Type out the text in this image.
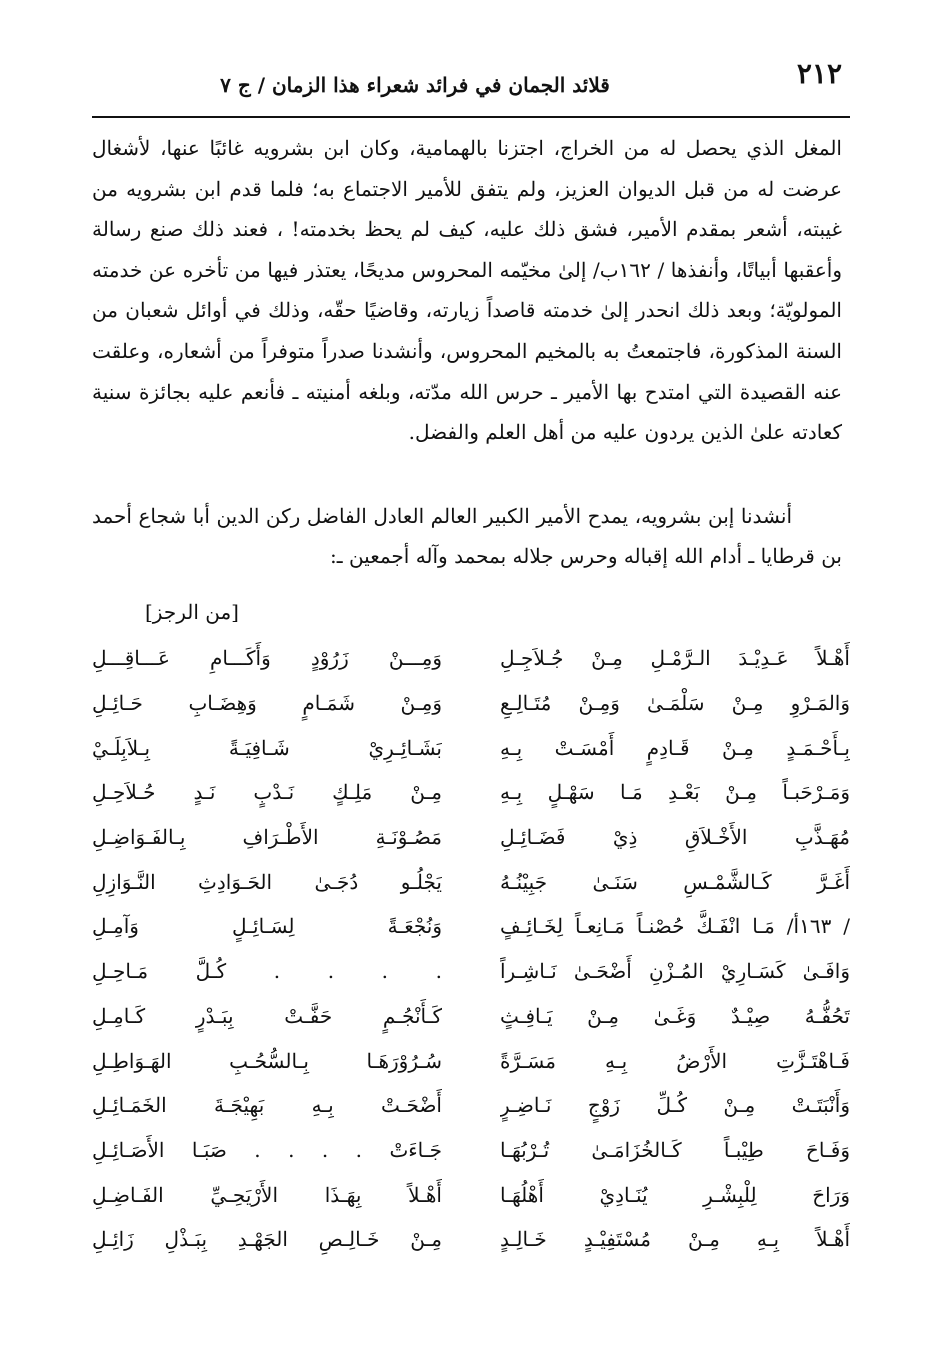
٢١٢
قلائد الجمان في فرائد شعراء هذا الزمان / ج ٧

المغل الذي يحصل له من الخراج، اجتزنا بالهمامية، وكان ابن بشرويه غائبًا عنها، لأشغال عرضت له من قبل الديوان العزيز، ولم يتفق للأمير الاجتماع به؛ فلما قدم ابن بشرويه من غيبته، أشعر بمقدم الأمير، فشق ذلك عليه، كيف لم يحظ بخدمته! ، فعند ذلك صنع رسالة وأعقبها أبياتًا، وأنفذها / ١٦٢ب/ إلىٰ مخيّمه المحروس مديحًا، يعتذر فيها من تأخره عن خدمته المولويّة؛ وبعد ذلك انحدر إلىٰ خدمته قاصداً زيارته، وقاضيًا حقّه، وذلك في أوائل شعبان من السنة المذكورة، فاجتمعتُ به بالمخيم المحروس، وأنشدنا صدراً متوفراً من أشعاره، وعلقت عنه القصيدة التي امتدح بها الأمير ـ حرس الله مدّته، وبلغه أمنيته ـ فأنعم عليه بجائزة سنية كعادته علىٰ الذين يردون عليه من أهل العلم والفضل.

أنشدنا إبن بشرويه، يمدح الأمير الكبير العالم العادل الفاضل ركن الدين أبا شجاع أحمد بن قرطايا ـ أدام الله إقباله وحرس جلاله بمحمد وآله أجمعين ـ:

[من الرجز]
أَهْـلاً عَـدِيْـدَ الـرَّمْـلِ مِـنْ جُـلاَجِـلِ
وَمِـــنْ زَرُوْدٍ وَأَكَـــامِ عَـــاقِـــلِ
وَالمَـرْوِ مِـنْ سَلْمَـىٰ وَمِـنْ مُتَـالِـعِ
وَمِـنْ شَمَـامٍ وَهِضَـابِ حَـائِـلِ
بِـأَحْـمَـدٍ مِـنْ قَـادِمٍ أَمْسَـتْ بِـهِ
بَشَـائِـرِيْ شَـافِيَـةً بِـلاَبِلَـيْ
وَمَـرْحَبـاً مِـنْ بَعْـدِ مَـا سَهْـلٍ بِـهِ
مِـنْ مَلِـكٍ نَـدْبٍ نَـدٍ حُـلاَحِـلِ
مُهَـذَّبِ الأَخْـلاَقِ ذِيْ فَضَـائِـلِ
مَصُـوْنَـةِ الأَطْـرَافِ بِـالفَـوَاضِـلِ
أَغَـرَّ كَـالشَّمْـسِ سَنَـىٰ جَبِيْنُـهُ
يَجْلُـو دُجَـىٰ الحَـوَادِثِ النَّـوَازِلِ
/ ١٦٣أ/ مَـا انْفَـكَّ حُصْنـاً مَـانِعـاً لِخَـائِـفٍ
وَنُجْعَـةً لِسَـائِـلٍ وَآمِـلِ
وَافَـىٰ كَسَـارِيْ المُـزْنِ أَضْحَـىٰ نَـاشِـراً
. . . . كُـلَّ مَـاحِـلِ
تَحُفُّـهُ صِيْـدٌ وَغَـىٰ مِـنْ يَـافِـثٍ
كَـأَنْجُـمٍ حَفَّـتْ بِبَـدْرٍ كَـامِـلِ
فَـاهْتَـزَّتِ الأَرْضُ بِـهِ مَسَـرَّةً
سُـرُوْرَهَـا بِـالسُّحُـبِ الهَـوَاطِـلِ
وَأَنْبَتَـتْ مِـنْ كُـلِّ زَوْجٍ نَـاضِـرٍ
أَضْحَـتْ بِـهِ بَهِيْجَـةَ الخَمَـائِـلِ
وَفَـاحَ طِيْبـاً كَـالخُزَامَـىٰ تُـرْبُهَـا
جَـاءَتْ . . . . صَبَـا الأَصَـائِـلِ
وَرَاحَ لِلْبِشْـرِ يُنَـادِيْ أَهْلُهَـا
أَهْـلاً بِهَـذَا الأَرْيَحِـيِّ الفَـاضِـلِ
أَهْـلاً بِـهِ مِـنْ مُسْتَفِيْـدٍ خَـالِـدٍ
مِـنْ خَـالِـصِ الجَهْـدِ بِبَـذْلِ زَائِـلِ
